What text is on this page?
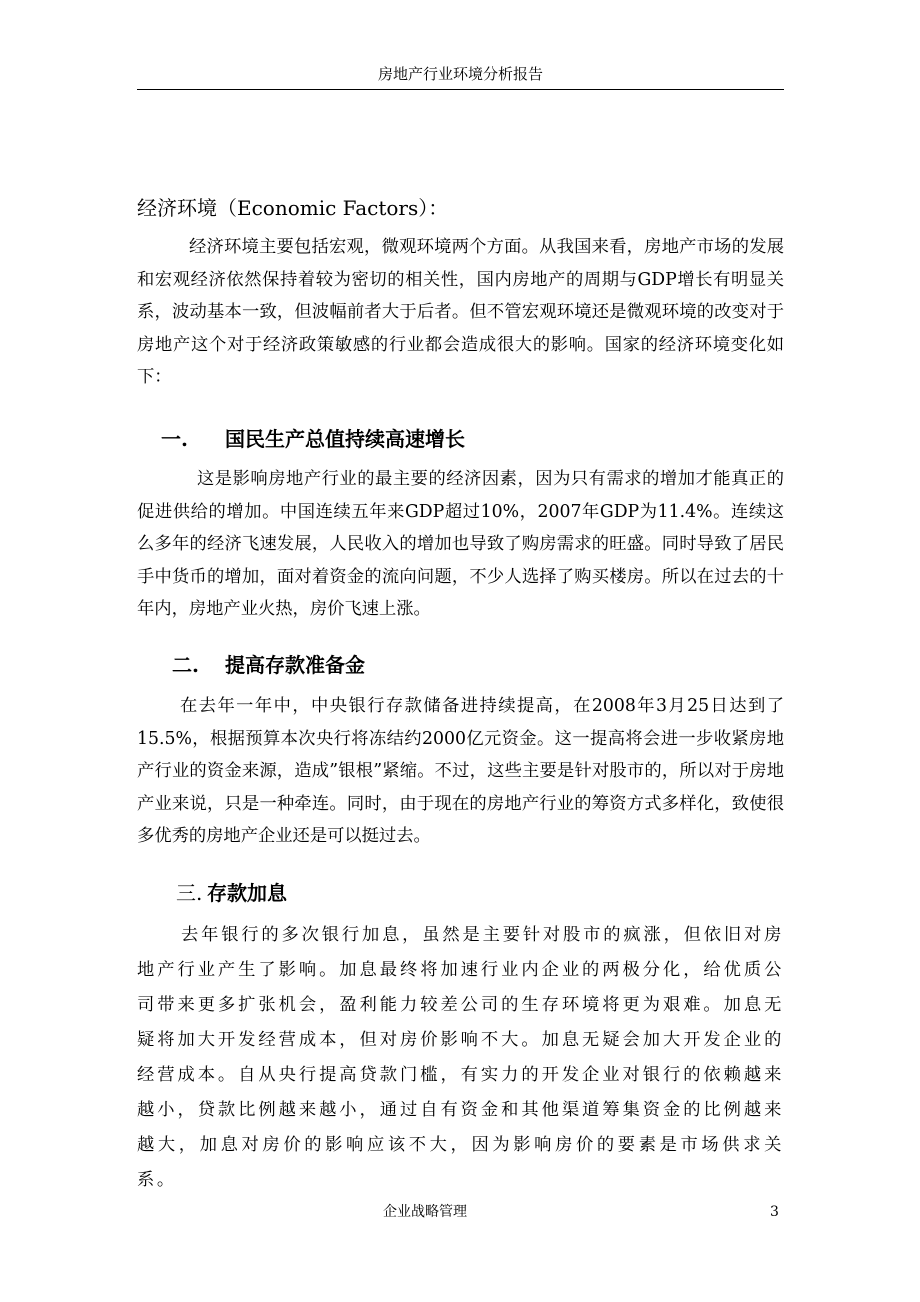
房地产行业环境分析报告
经济环境（Economic Factors）：
经济环境主要包括宏观，微观环境两个方面。从我国来看，房地产市场的发展和宏观经济依然保持着较为密切的相关性，国内房地产的周期与GDP增长有明显关系，波动基本一致，但波幅前者大于后者。但不管宏观环境还是微观环境的改变对于房地产这个对于经济政策敏感的行业都会造成很大的影响。国家的经济环境变化如下：
一. 国民生产总值持续高速增长
这是影响房地产行业的最主要的经济因素，因为只有需求的增加才能真正的促进供给的增加。中国连续五年来GDP超过10%，2007年GDP为11.4%。连续这么多年的经济飞速发展，人民收入的增加也导致了购房需求的旺盛。同时导致了居民手中货币的增加，面对着资金的流向问题，不少人选择了购买楼房。所以在过去的十年内，房地产业火热，房价飞速上涨。
二. 提高存款准备金
在去年一年中，中央银行存款储备进持续提高，在2008年3月25日达到了15.5%，根据预算本次央行将冻结约2000亿元资金。这一提高将会进一步收紧房地产行业的资金来源，造成”银根”紧缩。不过，这些主要是针对股市的，所以对于房地产业来说，只是一种牵连。同时，由于现在的房地产行业的筹资方式多样化，致使很多优秀的房地产企业还是可以挺过去。
三. 存款加息
去年银行的多次银行加息，虽然是主要针对股市的疯涨，但依旧对房地产行业产生了影响。加息最终将加速行业内企业的两极分化，给优质公司带来更多扩张机会，盈利能力较差公司的生存环境将更为艰难。加息无疑将加大开发经营成本，但对房价影响不大。加息无疑会加大开发企业的经营成本。自从央行提高贷款门槛，有实力的开发企业对银行的依赖越来越小，贷款比例越来越小，通过自有资金和其他渠道筹集资金的比例越来越大，加息对房价的影响应该不大，因为影响房价的要素是市场供求关系。
企业战略管理	3
